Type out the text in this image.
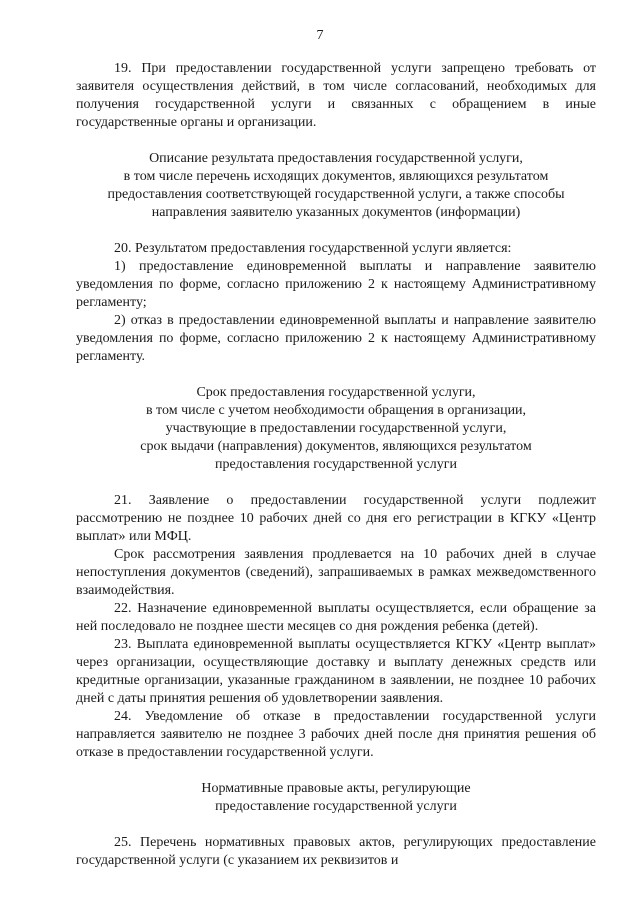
7

19. При предоставлении государственной услуги запрещено требовать от заявителя осуществления действий, в том числе согласований, необходимых для получения государственной услуги и связанных с обращением в иные государственные органы и организации.

Описание результата предоставления государственной услуги,
в том числе перечень исходящих документов, являющихся результатом
предоставления соответствующей государственной услуги, а также способы
направления заявителю указанных документов (информации)

20. Результатом предоставления государственной услуги является:

1) предоставление единовременной выплаты и направление заявителю уведомления по форме, согласно приложению 2 к настоящему Административному регламенту;

2) отказ в предоставлении единовременной выплаты и направление заявителю уведомления по форме, согласно приложению 2 к настоящему Административному регламенту.

Срок предоставления государственной услуги,
в том числе с учетом необходимости обращения в организации,
участвующие в предоставлении государственной услуги,
срок выдачи (направления) документов, являющихся результатом
предоставления государственной услуги

21. Заявление о предоставлении государственной услуги подлежит рассмотрению не позднее 10 рабочих дней со дня его регистрации в КГКУ «Центр выплат» или МФЦ.

Срок рассмотрения заявления продлевается на 10 рабочих дней в случае непоступления документов (сведений), запрашиваемых в рамках межведомственного взаимодействия.

22. Назначение единовременной выплаты осуществляется, если обращение за ней последовало не позднее шести месяцев со дня рождения ребенка (детей).

23. Выплата единовременной выплаты осуществляется КГКУ «Центр выплат» через организации, осуществляющие доставку и выплату денежных средств или кредитные организации, указанные гражданином в заявлении, не позднее 10 рабочих дней с даты принятия решения об удовлетворении заявления.

24. Уведомление об отказе в предоставлении государственной услуги направляется заявителю не позднее 3 рабочих дней после дня принятия решения об отказе в предоставлении государственной услуги.

Нормативные правовые акты, регулирующие
предоставление государственной услуги

25. Перечень нормативных правовых актов, регулирующих предоставление государственной услуги (с указанием их реквизитов и
